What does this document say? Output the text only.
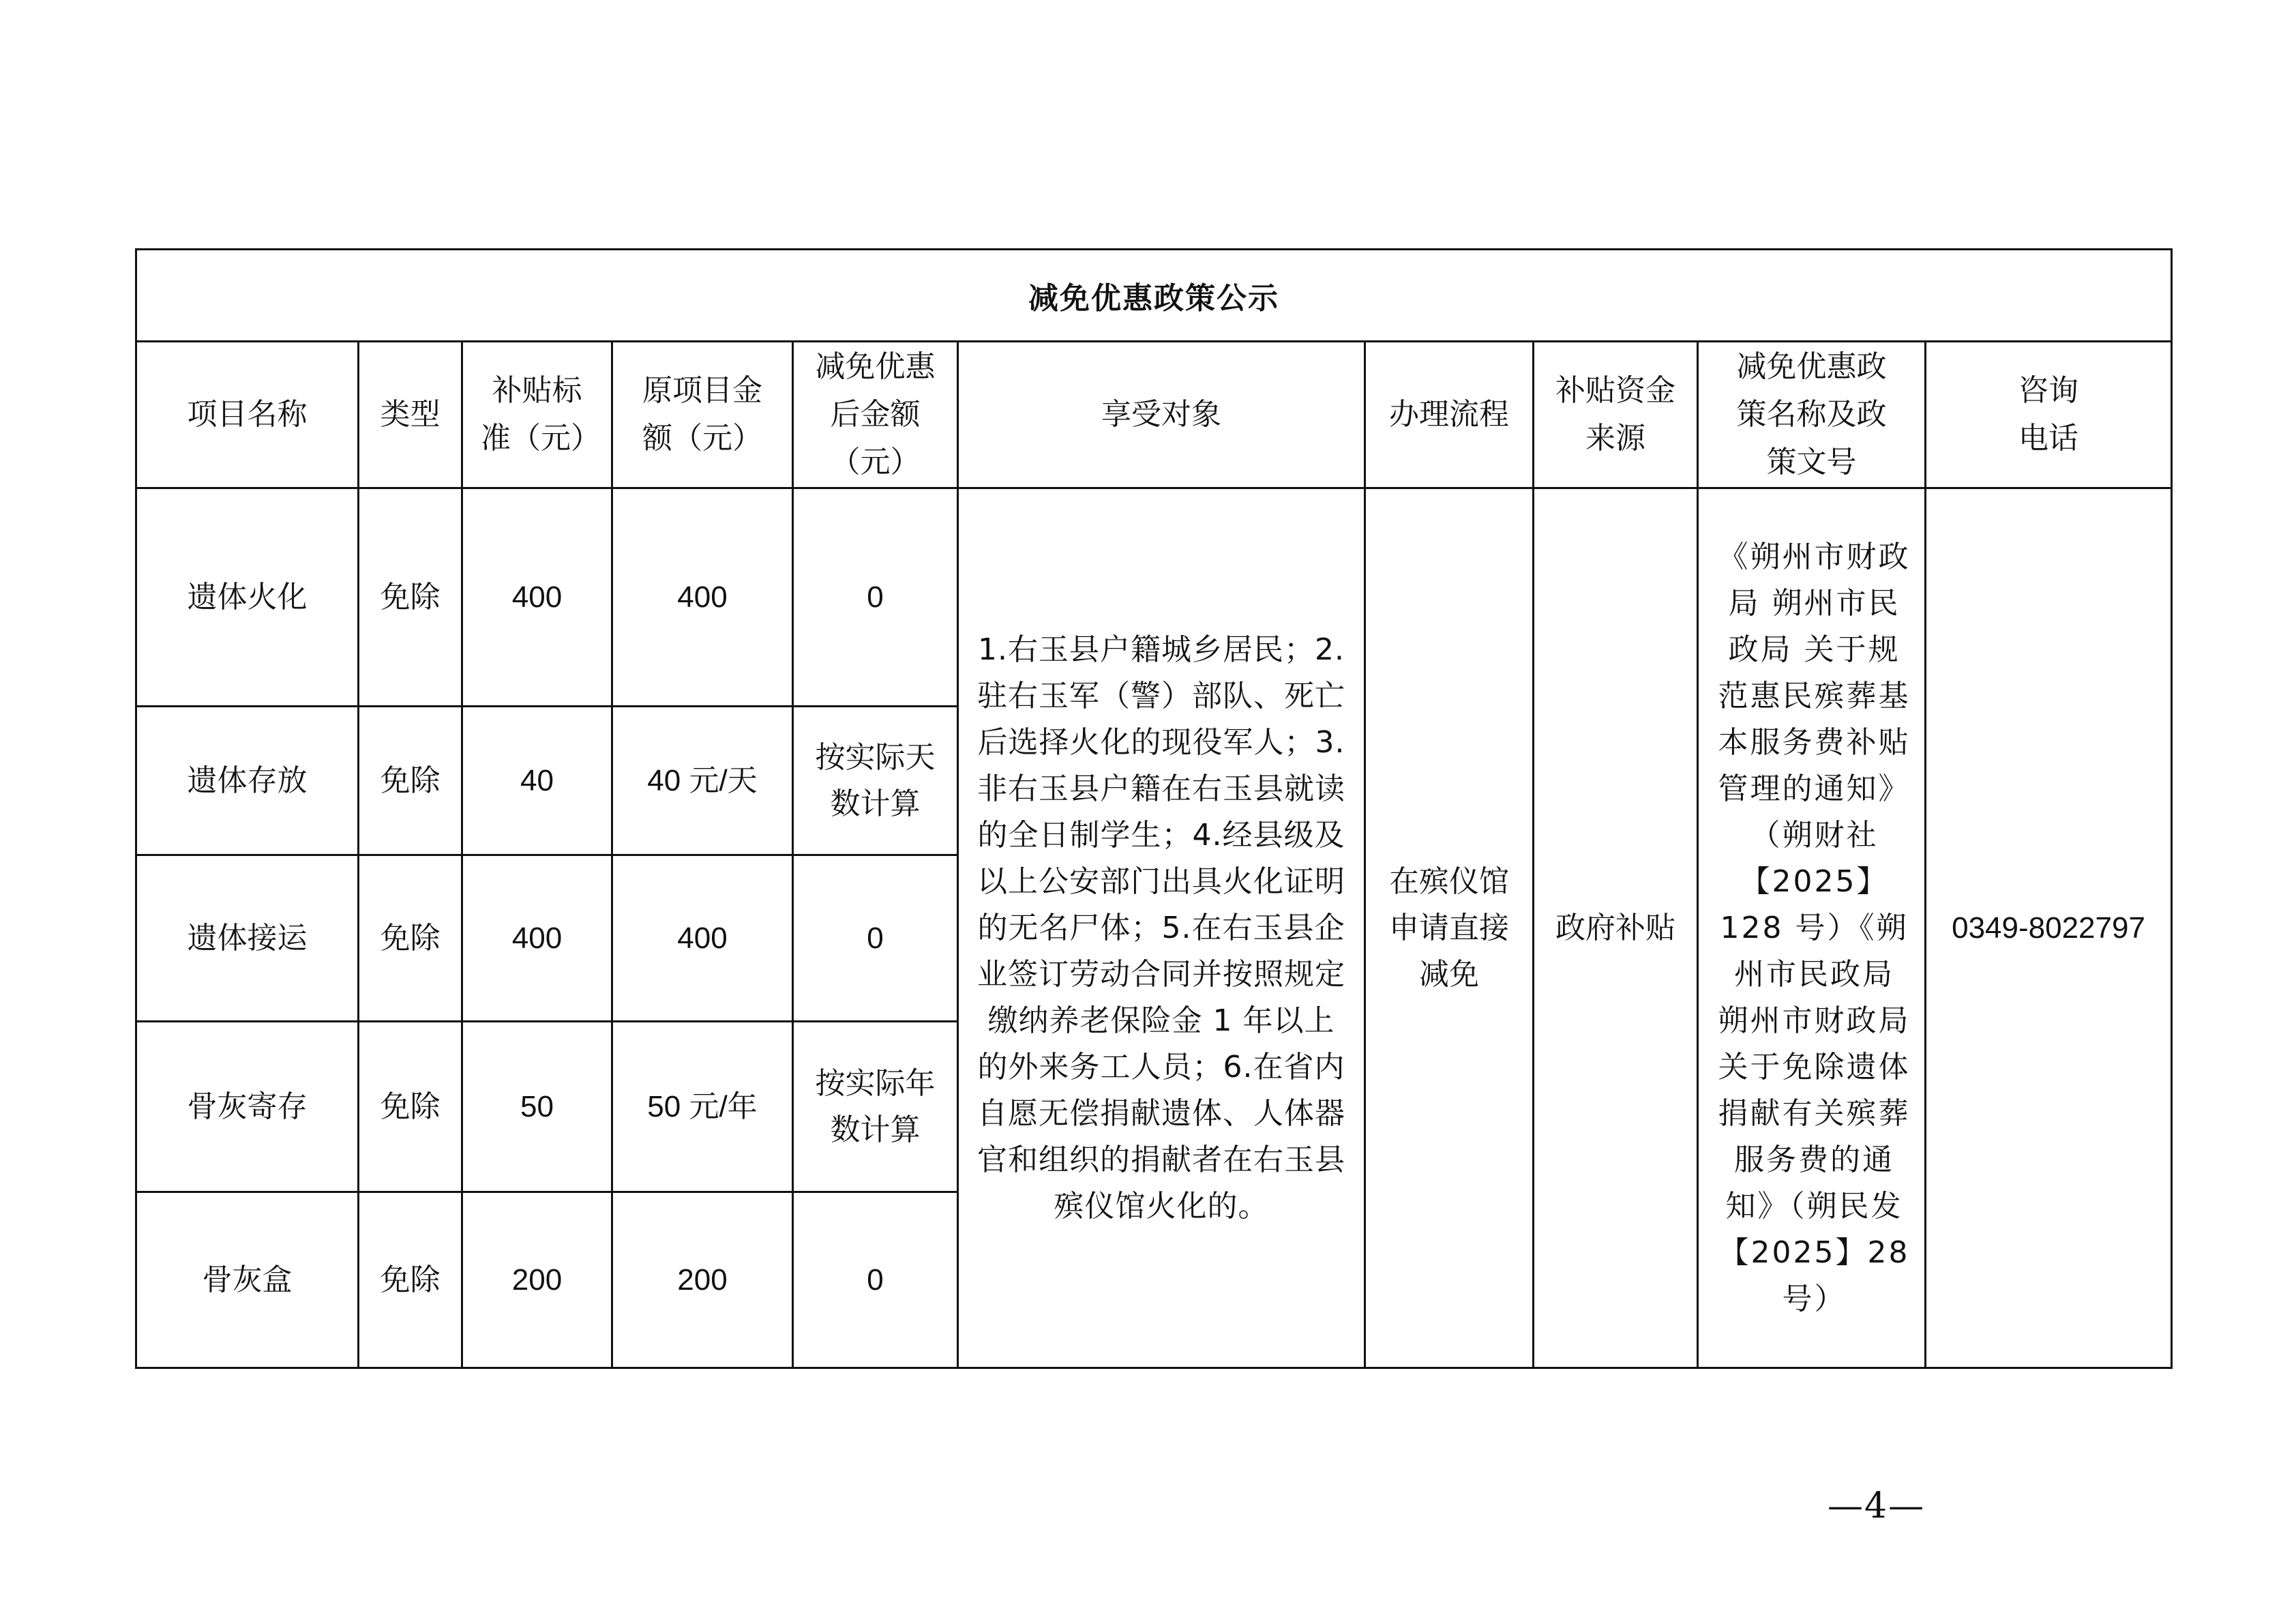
减免优惠政策公示									

项目名称	类型	补贴标准（元）	原项目金额（元）	减免优惠后金额（元）	享受对象	办理流程	补贴资金来源	减免优惠政策名称及政策文号	咨询电话

遗体火化	免除	400	400	0	1.右玉县户籍城乡居民；2.驻右玉军（警）部队、死亡后选择火化的现役军人；3.非右玉县户籍在右玉县就读的全日制学生；4.经县级及以上公安部门出具火化证明的无名尸体；5.在右玉县企业签订劳动合同并按照规定缴纳养老保险金 1 年以上的外来务工人员；6.在省内自愿无偿捐献遗体、人体器官和组织的捐献者在右玉县殡仪馆火化的。	在殡仪馆申请直接减免	政府补贴	《朔州市财政局 朔州市民政局 关于规范惠民殡葬基本服务费补贴管理的通知》（朔财社【2025】128 号）《朔州市民政局　朔州市财政局 关于免除遗体捐献有关殡葬服务费的通知》（朔民发【2025】28 号）	0349-8022797
遗体存放	免除	40	40 元/天	按实际天数计算					

遗体接运	免除	400	400	0					
骨灰寄存	免除	50	50 元/年	按实际年数计算					

骨灰盒	免除	200	200	0					
—4—
